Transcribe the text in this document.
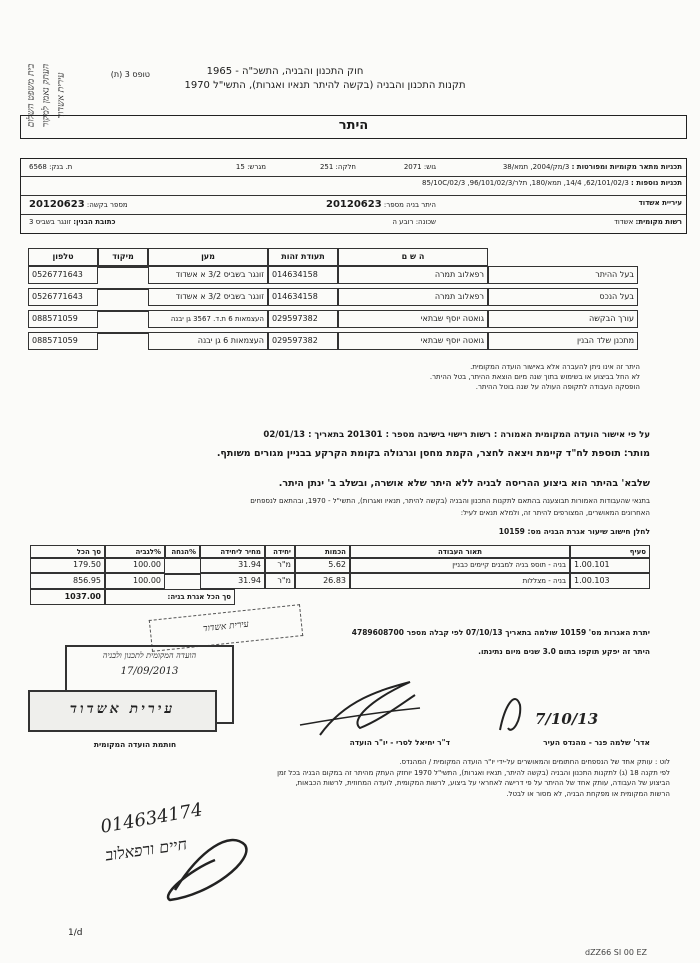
בית משפט השלום העתק נאמן למקור עירית אשדוד	טופס 3 (ת)	חוק התכנון והבניה, התשכ"ה - 1965
תקנות התכנון והבניה (בקשה להיתר תנאיו ואגרות), התשי"ל 1970
היתר
תכניות מתאר מקומיות ומפורטות : 3/מק/2004, תמא/38
גוש: 2071
חלקה: 251
מגרש: 15
ת. בנק: 6568
תכניות נוספות : 62/101/02/3, 14/4, תמא/180, תלר/96/101/02/3, 85/10C/02/3
עיריית אשדוד
היתר בניה מספר: 20120623
מספר בקשה: 20120623
רשות מקומית: אשדוד
שכונה: רובע ה
כתובת הבנין: זונגר בשביס 3
ה ש ם
תעודת זהות
מען
מיקוד
טלפון
בעל ההיתר
רפאלוב תמרה
014634158
זונגר בשביס 3/2 א אשדוד
0526771643
בעל הנכס
רפאלוב תמרה
014634158
זונגר בשביס 3/2 א אשדוד
0526771643
עורך הבקשה
גואטה יוסף שבתאי
029597382
העצמאות 6 ת.ד. 3567 גן יבנה
088571059
מתכנן שלד הבנין
גואטה יוסף שבתאי
029597382
העצמאות 6 גן יבנה
088571059
היתר זה אינו ניתן להעברה אלא באישור הועדה המקומית.
לא החל בביצוע או בשימוש בתוך שנה מיום הוצאת ההיתר, בטל ההיתר.
הופסקה העבודה לתקופה העולה על שנה בוטל ההיתר.
על פי אישור הועדה המקומית האמורה : רשות רישוי בישיבה מספר : 201301 בתאריך : 02/01/13
מותר: תוספת לח"ד קיימת ויצאה לחצר, הקמת מחסן וגרגולה בקומת הקרקע בבניין מגורים משותף.
שלבא' בהיתר הוא ביצוע ההריסה לבניה ללא היתר שלא אושרה, ובשלב ב' ינתן היתר.
בתנאי שהעבודות האמורות תבוצענה בהתאם לתקנות התכנון והבניה (בקשה להיתר, תנאיו ואגרות), התשי"ל - 1970, ובהתאם לנספחים
האחרונים המאושרים, המצורפים להיתר זה, ולמלא תנאים לעיל:
לחלן חישוב שיעור אגרת הבניה מס: 10159
סעיף
תאור העבודה
הכמות
יחידה
מחיר ליחידה
%הנחה
%לגביה
סך הכל
1.00.101
בניה - תוספ בניה למבנים קיימים כבניין
5.62
מ"ר
31.94
100.00
179.50
1.00.103
בניה - מצללות
26.83
מ"ר
31.94
100.00
856.95
סך הכל אגרת בניה:
1037.00
יתרת האגרות מס' 10159 שולמה בתאריך 07/10/13 לפי קבלה מספר 4789608700
היתר זה יפקע תוקפו בתום 3.0 שנים מיום נתינתו.
עירית אשדוד
הועדה המקומית לתכנון ולבניה
17/09/2013
עירית אשדוד
חותמת הועדה המקומית
7/10/13
אדר' שלמה פנר - מהנדס העיר
ד"ר יחיאל לסרי - יו"ר הועדה
לוט : עותק אחד של הנספחים החתומים והמאושרים על-ידי יו"ר הועדה המקומית / המהנדס.
לפי תקנה 18 (ג) לתקנות התכנון והבניה (בקשה להיתר, תנאיו ואגרות), התשי"ל 1970 יוחזק העתק מהיתר זה במקום הבניה בכל זמן
הביצוע של העבודה, עותק אחד של ההיתר על פי דרישה לאחראי על ביצוע, לרשות המקומית, לועדה המחוזית, לרשות הכבאות,
הרשות המקומית או מפקחת הבניה, לא מסור או לבטל.
014634174
חיים ורפאלוב
1/d
dZZ66 SI 00 EZ
